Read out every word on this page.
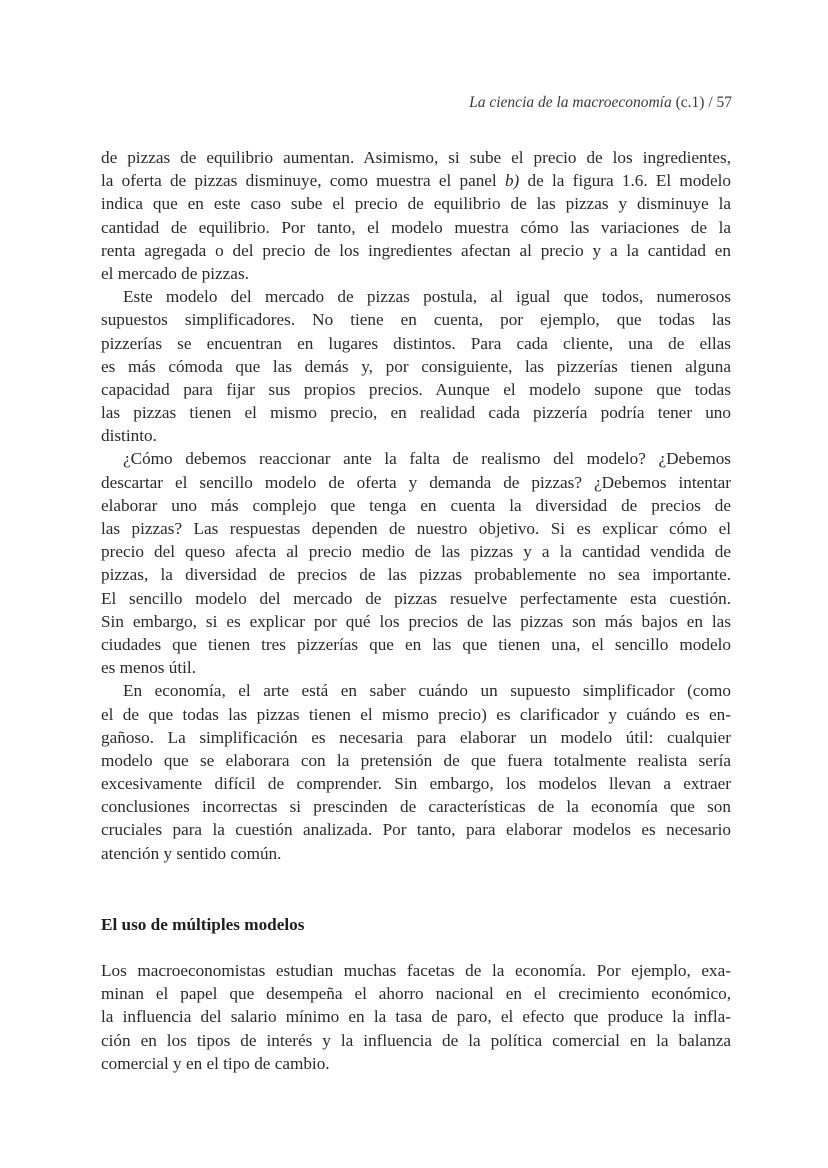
La ciencia de la macroeconomía (c.1) / 57
de pizzas de equilibrio aumentan. Asimismo, si sube el precio de los ingredientes,
la oferta de pizzas disminuye, como muestra el panel b) de la figura 1.6. El modelo
indica que en este caso sube el precio de equilibrio de las pizzas y disminuye la
cantidad de equilibrio. Por tanto, el modelo muestra cómo las variaciones de la
renta agregada o del precio de los ingredientes afectan al precio y a la cantidad en
el mercado de pizzas.
Este modelo del mercado de pizzas postula, al igual que todos, numerosos
supuestos simplificadores. No tiene en cuenta, por ejemplo, que todas las
pizzerías se encuentran en lugares distintos. Para cada cliente, una de ellas
es más cómoda que las demás y, por consiguiente, las pizzerías tienen alguna
capacidad para fijar sus propios precios. Aunque el modelo supone que todas
las pizzas tienen el mismo precio, en realidad cada pizzería podría tener uno
distinto.
¿Cómo debemos reaccionar ante la falta de realismo del modelo? ¿Debemos
descartar el sencillo modelo de oferta y demanda de pizzas? ¿Debemos intentar
elaborar uno más complejo que tenga en cuenta la diversidad de precios de
las pizzas? Las respuestas dependen de nuestro objetivo. Si es explicar cómo el
precio del queso afecta al precio medio de las pizzas y a la cantidad vendida de
pizzas, la diversidad de precios de las pizzas probablemente no sea importante.
El sencillo modelo del mercado de pizzas resuelve perfectamente esta cuestión.
Sin embargo, si es explicar por qué los precios de las pizzas son más bajos en las
ciudades que tienen tres pizzerías que en las que tienen una, el sencillo modelo
es menos útil.
En economía, el arte está en saber cuándo un supuesto simplificador (como
el de que todas las pizzas tienen el mismo precio) es clarificador y cuándo es en-
gañoso. La simplificación es necesaria para elaborar un modelo útil: cualquier
modelo que se elaborara con la pretensión de que fuera totalmente realista sería
excesivamente difícil de comprender. Sin embargo, los modelos llevan a extraer
conclusiones incorrectas si prescinden de características de la economía que son
cruciales para la cuestión analizada. Por tanto, para elaborar modelos es necesario
atención y sentido común.
El uso de múltiples modelos
Los macroeconomistas estudian muchas facetas de la economía. Por ejemplo, exa-
minan el papel que desempeña el ahorro nacional en el crecimiento económico,
la influencia del salario mínimo en la tasa de paro, el efecto que produce la infla-
ción en los tipos de interés y la influencia de la política comercial en la balanza
comercial y en el tipo de cambio.
